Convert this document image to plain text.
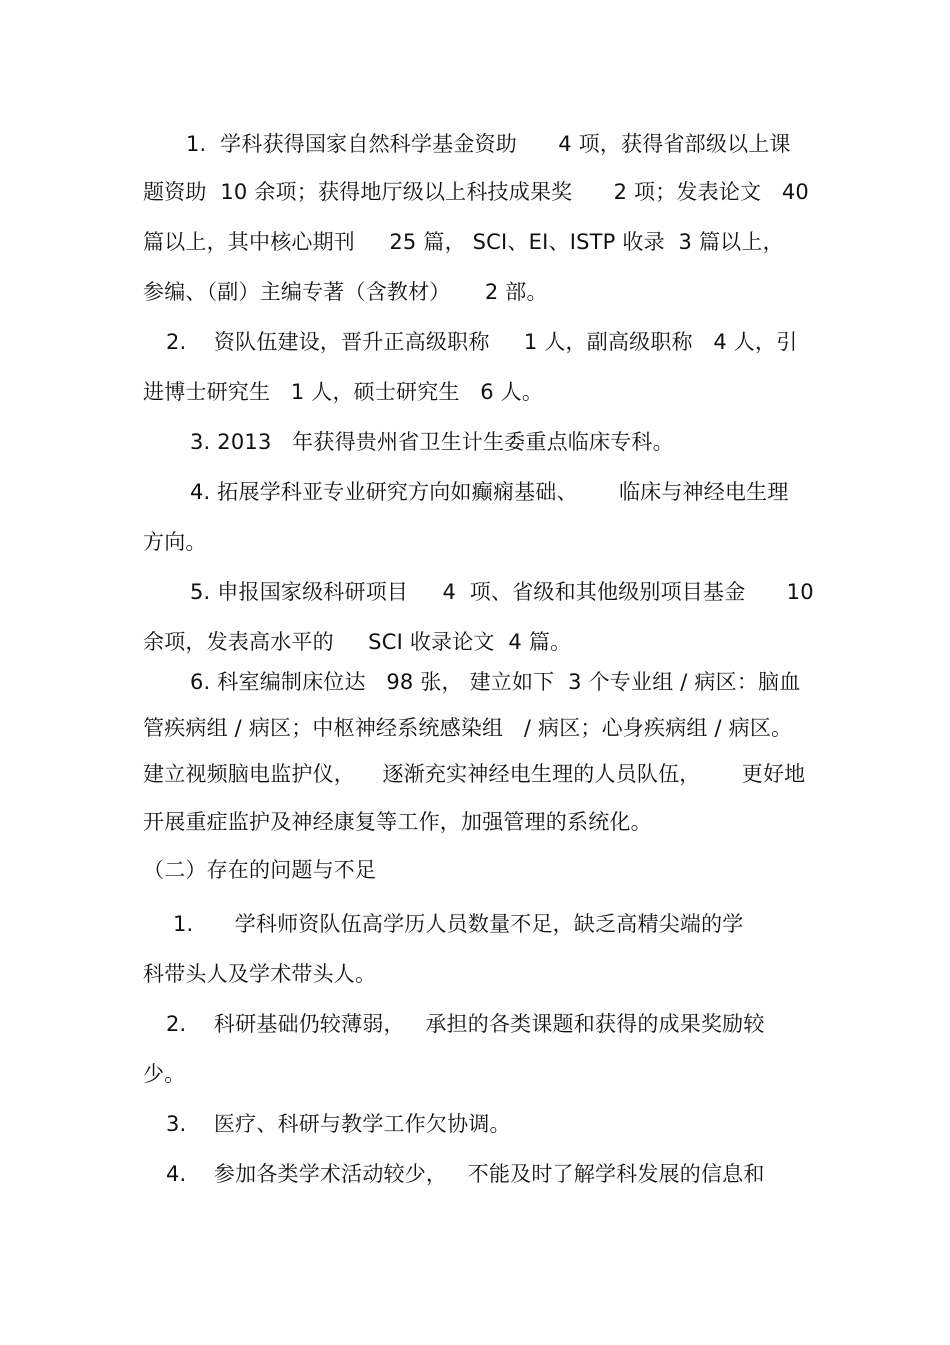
1.  学科获得国家自然科学基金资助      4 项，获得省部级以上课
题资助  10 余项；获得地厅级以上科技成果奖      2 项；发表论文   40
篇以上，其中核心期刊     25 篇， SCI、EI、ISTP 收录  3 篇以上，
参编、（副）主编专著（含教材）     2 部。
2.    资队伍建设，晋升正高级职称     1 人，副高级职称   4 人，引
进博士研究生   1 人，硕士研究生   6 人。
3. 2013   年获得贵州省卫生计生委重点临床专科。
4. 拓展学科亚专业研究方向如癫痫基础、      临床与神经电生理
方向。
5. 申报国家级科研项目     4  项、省级和其他级别项目基金      10
余项，发表高水平的     SCI 收录论文  4 篇。
6. 科室编制床位达   98 张， 建立如下  3 个专业组 / 病区：脑血
管疾病组 / 病区；中枢神经系统感染组   / 病区；心身疾病组 / 病区。
建立视频脑电监护仪，    逐渐充实神经电生理的人员队伍，      更好地
开展重症监护及神经康复等工作，加强管理的系统化。
（二）存在的问题与不足
1.      学科师资队伍高学历人员数量不足，缺乏高精尖端的学
科带头人及学术带头人。
2.    科研基础仍较薄弱，   承担的各类课题和获得的成果奖励较
少。
3.    医疗、科研与教学工作欠协调。
4.    参加各类学术活动较少，   不能及时了解学科发展的信息和
